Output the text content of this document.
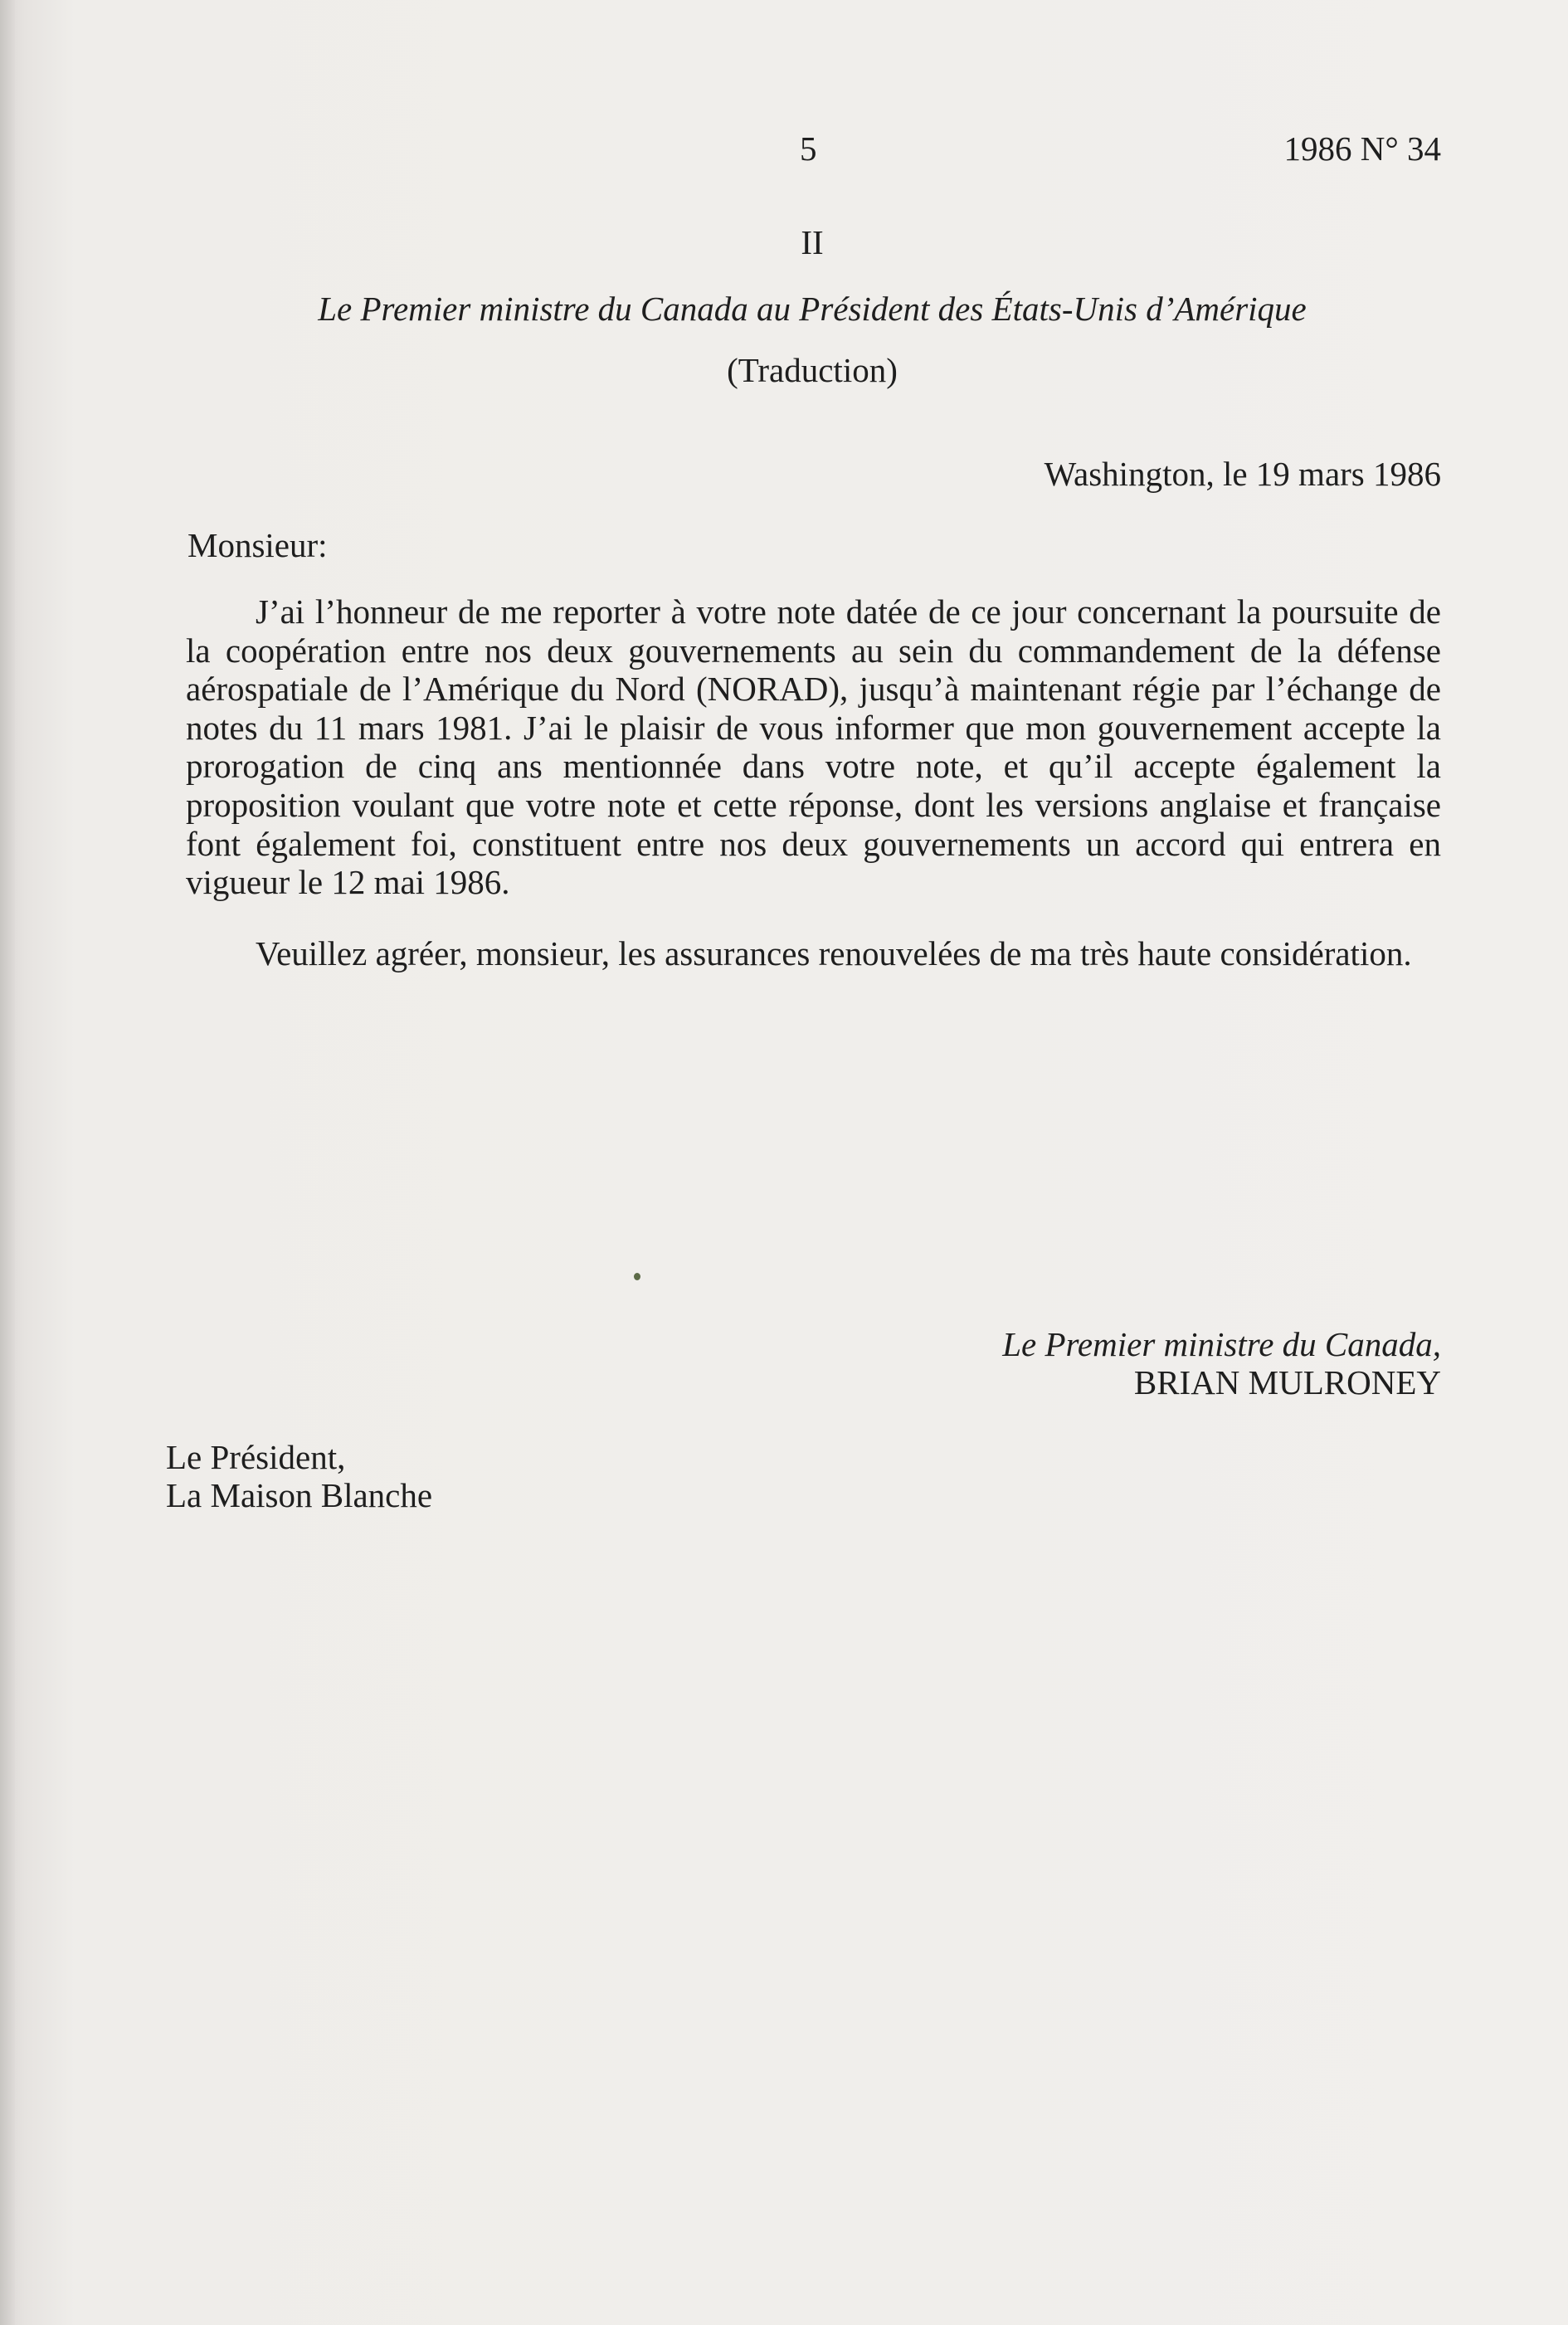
5	1986 N° 34
II
Le Premier ministre du Canada au Président des États-Unis d’Amérique
(Traduction)
Washington, le 19 mars 1986
Monsieur:

J’ai l’honneur de me reporter à votre note datée de ce jour concernant la poursuite de la coopération entre nos deux gouvernements au sein du commandement de la défense aérospatiale de l’Amérique du Nord (NORAD), jusqu’à maintenant régie par l’échange de notes du 11 mars 1981. J’ai le plaisir de vous informer que mon gouvernement accepte la prorogation de cinq ans mentionnée dans votre note, et qu’il accepte également la proposition voulant que votre note et cette réponse, dont les versions anglaise et française font également foi, constituent entre nos deux gouvernements un accord qui entrera en vigueur le 12 mai 1986.

Veuillez agréer, monsieur, les assurances renouvelées de ma très haute considération.

Le Premier ministre du Canada,
BRIAN MULRONEY
Le Président,
La Maison Blanche
